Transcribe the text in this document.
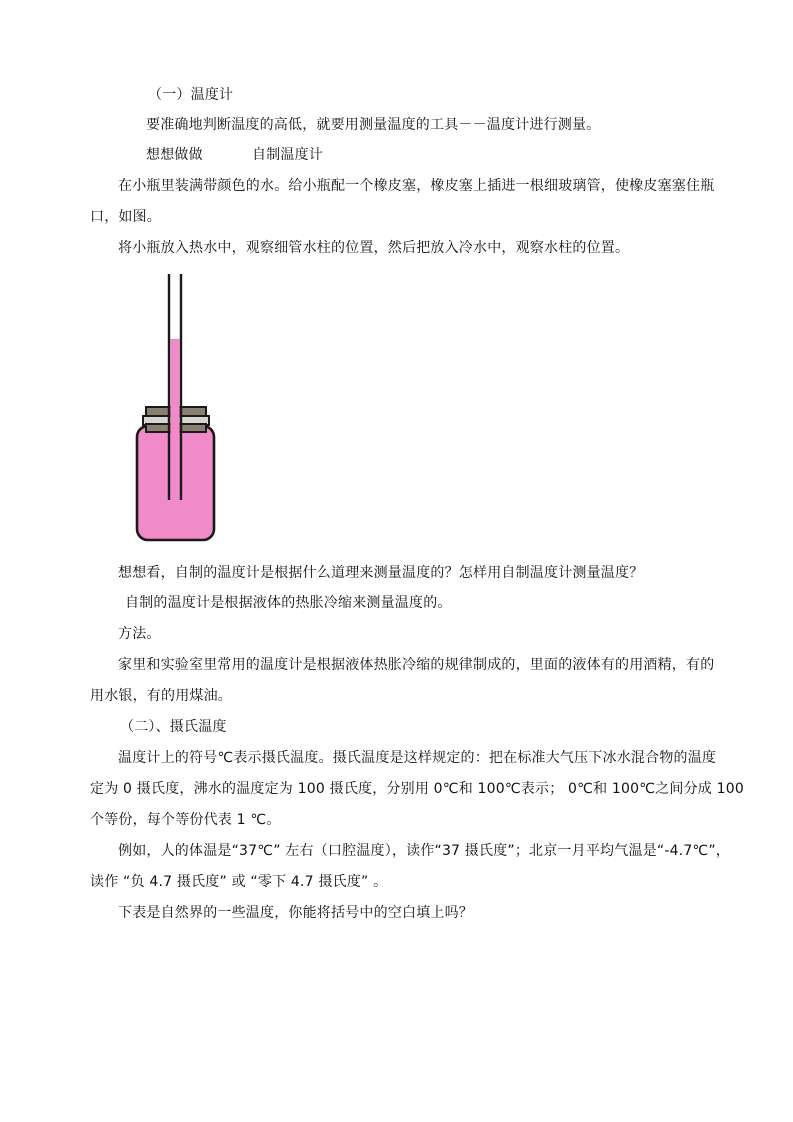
（一）温度计
要准确地判断温度的高低，就要用测量温度的工具－－温度计进行测量。
想想做做	自制温度计
在小瓶里装满带颜色的水。给小瓶配一个橡皮塞，橡皮塞上插进一根细玻璃管，使橡皮塞塞住瓶
口，如图。
将小瓶放入热水中，观察细管水柱的位置，然后把放入冷水中，观察水柱的位置。
想想看，自制的温度计是根据什么道理来测量温度的？怎样用自制温度计测量温度？
自制的温度计是根据液体的热胀冷缩来测量温度的。
方法。
家里和实验室里常用的温度计是根据液体热胀冷缩的规律制成的，里面的液体有的用酒精，有的
用水银，有的用煤油。
（二）、摄氏温度
温度计上的符号℃表示摄氏温度。摄氏温度是这样规定的：把在标准大气压下冰水混合物的温度
定为 0 摄氏度，沸水的温度定为 100 摄氏度，分别用 0℃和 100℃表示； 0℃和 100℃之间分成 100
个等份，每个等份代表 1 ℃。
例如，人的体温是“37℃” 左右（口腔温度），读作“37 摄氏度”；北京一月平均气温是“-4.7℃”，
读作 “负 4.7 摄氏度” 或 “零下 4.7 摄氏度” 。
下表是自然界的一些温度，你能将括号中的空白填上吗？
